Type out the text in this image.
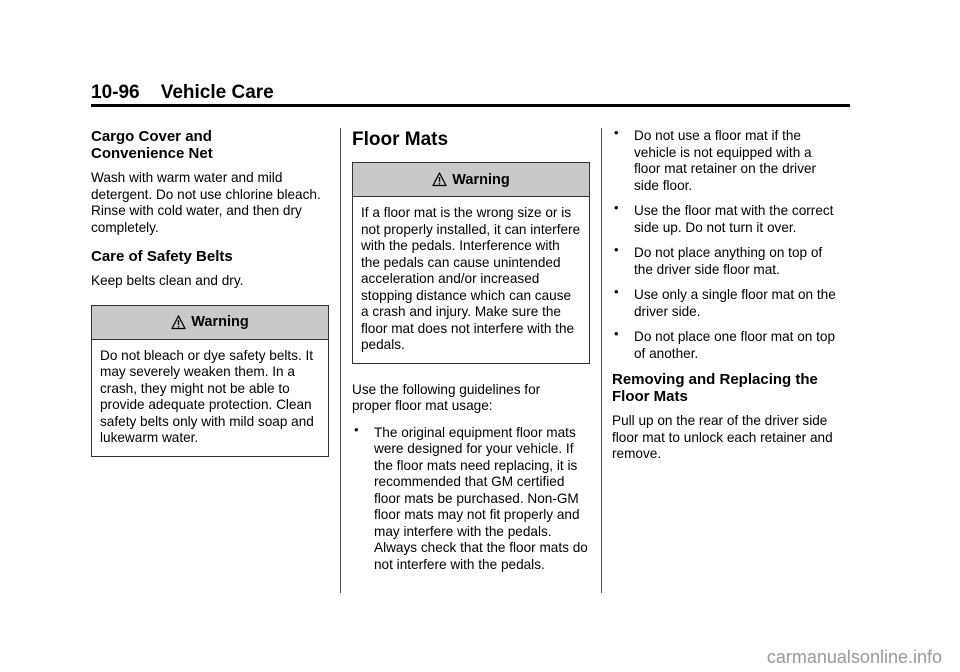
10-96 Vehicle Care
Cargo Cover and Convenience Net
Wash with warm water and mild detergent. Do not use chlorine bleach. Rinse with cold water, and then dry completely.
Care of Safety Belts
Keep belts clean and dry.
Warning
Do not bleach or dye safety belts. It may severely weaken them. In a crash, they might not be able to provide adequate protection. Clean safety belts only with mild soap and lukewarm water.
Floor Mats
Warning
If a floor mat is the wrong size or is not properly installed, it can interfere with the pedals. Interference with the pedals can cause unintended acceleration and/or increased stopping distance which can cause a crash and injury. Make sure the floor mat does not interfere with the pedals.
Use the following guidelines for proper floor mat usage:
• The original equipment floor mats were designed for your vehicle. If the floor mats need replacing, it is recommended that GM certified floor mats be purchased. Non-GM floor mats may not fit properly and may interfere with the pedals. Always check that the floor mats do not interfere with the pedals.
• Do not use a floor mat if the vehicle is not equipped with a floor mat retainer on the driver side floor.
• Use the floor mat with the correct side up. Do not turn it over.
• Do not place anything on top of the driver side floor mat.
• Use only a single floor mat on the driver side.
• Do not place one floor mat on top of another.
Removing and Replacing the Floor Mats
Pull up on the rear of the driver side floor mat to unlock each retainer and remove.
carmanualsonline.info
